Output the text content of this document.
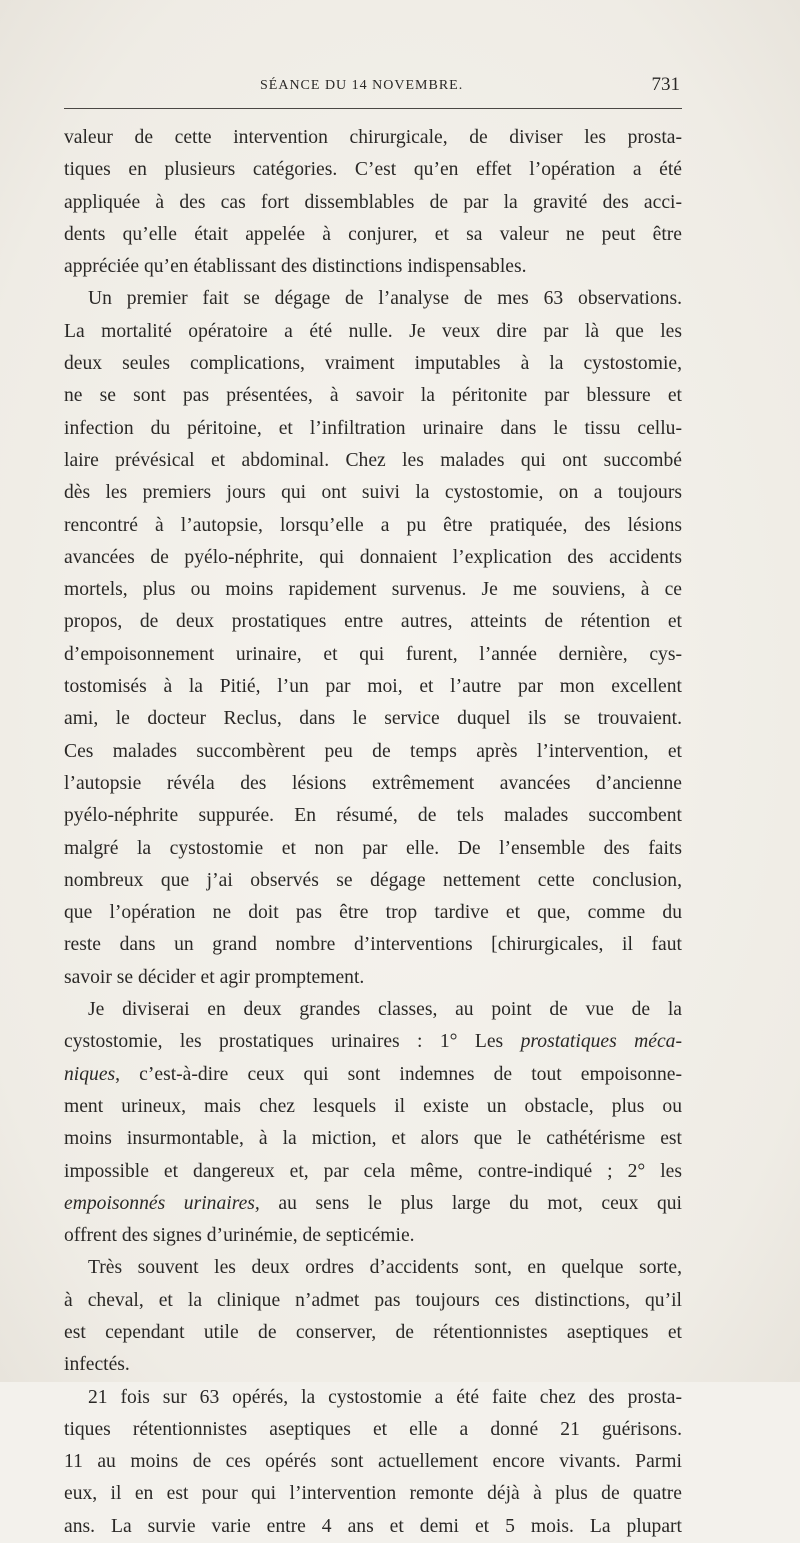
SÉANCE DU 14 NOVEMBRE.	731
valeur de cette intervention chirurgicale, de diviser les prosta-
tiques en plusieurs catégories. C’est qu’en effet l’opération a été
appliquée à des cas fort dissemblables de par la gravité des acci-
dents qu’elle était appelée à conjurer, et sa valeur ne peut être
appréciée qu’en établissant des distinctions indispensables.
Un premier fait se dégage de l’analyse de mes 63 observations.
La mortalité opératoire a été nulle. Je veux dire par là que les
deux seules complications, vraiment imputables à la cystostomie,
ne se sont pas présentées, à savoir la péritonite par blessure et
infection du péritoine, et l’infiltration urinaire dans le tissu cellu-
laire prévésical et abdominal. Chez les malades qui ont succombé
dès les premiers jours qui ont suivi la cystostomie, on a toujours
rencontré à l’autopsie, lorsqu’elle a pu être pratiquée, des lésions
avancées de pyélo-néphrite, qui donnaient l’explication des accidents
mortels, plus ou moins rapidement survenus. Je me souviens, à ce
propos, de deux prostatiques entre autres, atteints de rétention et
d’empoisonnement urinaire, et qui furent, l’année dernière, cys-
tostomisés à la Pitié, l’un par moi, et l’autre par mon excellent
ami, le docteur Reclus, dans le service duquel ils se trouvaient.
Ces malades succombèrent peu de temps après l’intervention, et
l’autopsie révéla des lésions extrêmement avancées d’ancienne
pyélo-néphrite suppurée. En résumé, de tels malades succombent
malgré la cystostomie et non par elle. De l’ensemble des faits
nombreux que j’ai observés se dégage nettement cette conclusion,
que l’opération ne doit pas être trop tardive et que, comme du
reste dans un grand nombre d’interventions [chirurgicales, il faut
savoir se décider et agir promptement.
Je diviserai en deux grandes classes, au point de vue de la
cystostomie, les prostatiques urinaires : 1° Les prostatiques méca-
niques, c’est-à-dire ceux qui sont indemnes de tout empoisonne-
ment urineux, mais chez lesquels il existe un obstacle, plus ou
moins insurmontable, à la miction, et alors que le cathétérisme est
impossible et dangereux et, par cela même, contre-indiqué ; 2° les
empoisonnés urinaires, au sens le plus large du mot, ceux qui
offrent des signes d’urinémie, de septicémie.
Très souvent les deux ordres d’accidents sont, en quelque sorte,
à cheval, et la clinique n’admet pas toujours ces distinctions, qu’il
est cependant utile de conserver, de rétentionnistes aseptiques et
infectés.
21 fois sur 63 opérés, la cystostomie a été faite chez des prosta-
tiques rétentionnistes aseptiques et elle a donné 21 guérisons.
11 au moins de ces opérés sont actuellement encore vivants. Parmi
eux, il en est pour qui l’intervention remonte déjà à plus de quatre
ans. La survie varie entre 4 ans et demi et 5 mois. La plupart
